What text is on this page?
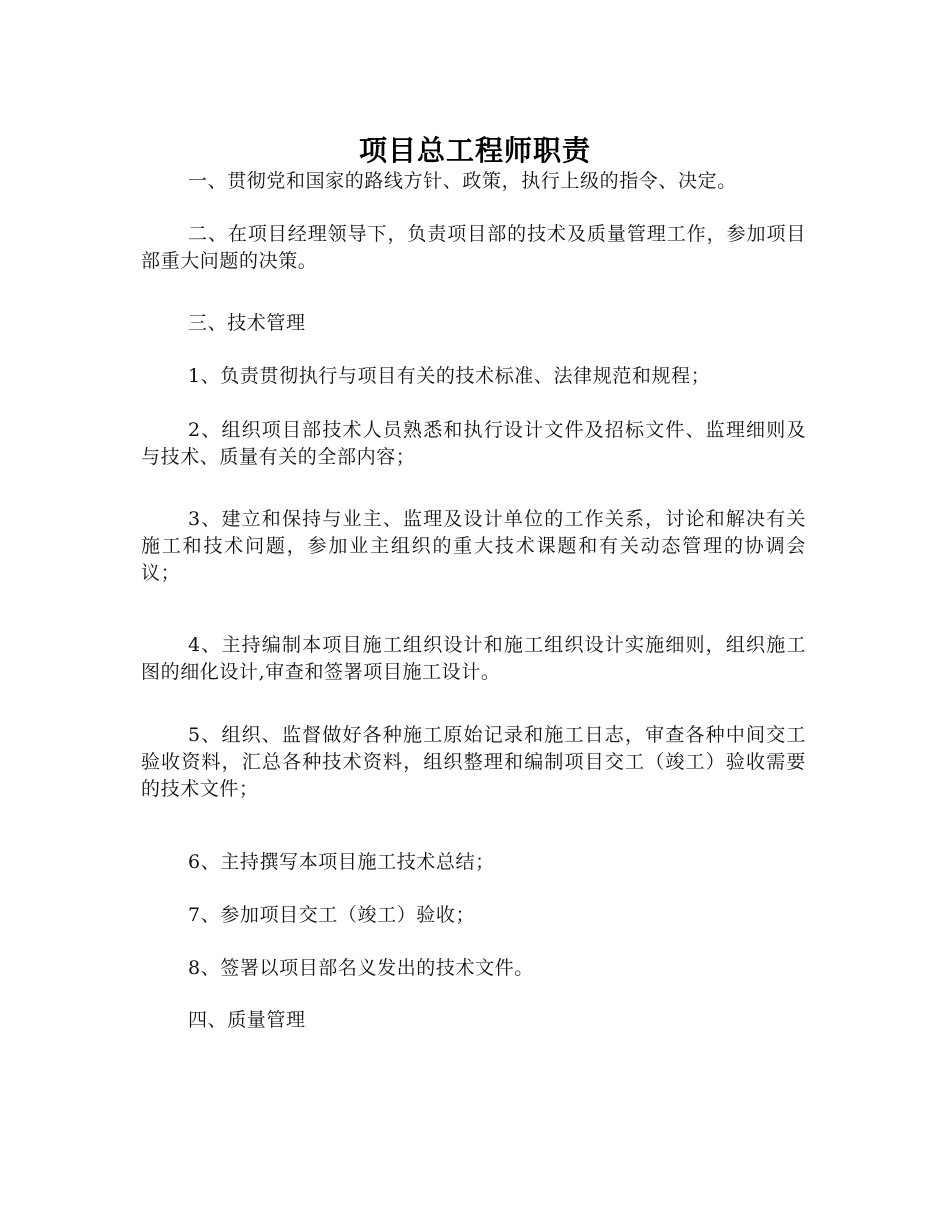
项目总工程师职责

一、贯彻党和国家的路线方针、政策，执行上级的指令、决定。

二、在项目经理领导下，负责项目部的技术及质量管理工作，参加项目部重大问题的决策。

三、技术管理

1、负责贯彻执行与项目有关的技术标准、法律规范和规程；

2、组织项目部技术人员熟悉和执行设计文件及招标文件、监理细则及与技术、质量有关的全部内容；

3、建立和保持与业主、监理及设计单位的工作关系，讨论和解决有关施工和技术问题，参加业主组织的重大技术课题和有关动态管理的协调会议；

4、主持编制本项目施工组织设计和施工组织设计实施细则，组织施工图的细化设计,审查和签署项目施工设计。

5、组织、监督做好各种施工原始记录和施工日志，审查各种中间交工验收资料，汇总各种技术资料，组织整理和编制项目交工（竣工）验收需要的技术文件；

6、主持撰写本项目施工技术总结；

7、参加项目交工（竣工）验收；

8、签署以项目部名义发出的技术文件。

四、质量管理
